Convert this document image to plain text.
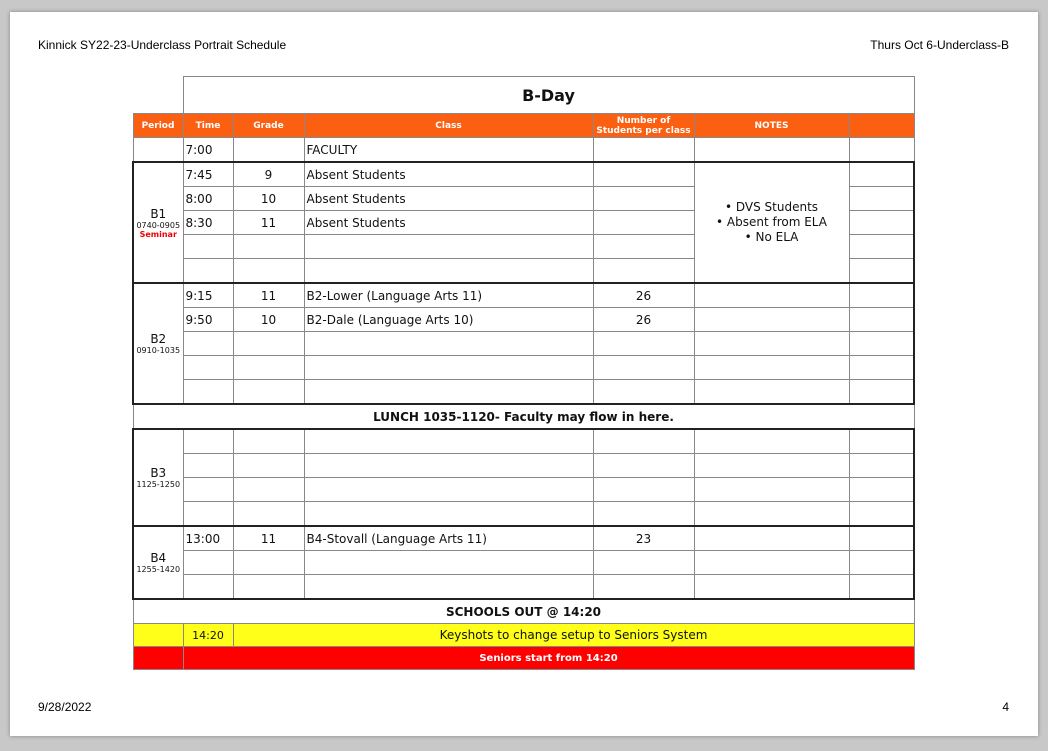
Kinnick SY22-23-Underclass Portrait Schedule	Thurs Oct 6-Underclass-B
	B-Day					
Period	Time	Grade	Class	Number of Students per class	NOTES	
	7:00		FACULTY			

B1
0740-0905
Seminar	7:45	9	Absent Students		• DVS Students
• Absent from ELA
• No ELA	
	8:00	10	Absent Students			
	8:30	11	Absent Students			

B2
0910-1035	9:15	11	B2-Lower (Language Arts 11)	26		
	9:50	10	B2-Dale (Language Arts 10)	26		

LUNCH 1035-1120- Faculty may flow in here.						

B3
1125-1250						

B4
1255-1420	13:00	11	B4-Stovall (Language Arts 11)	23		

SCHOOLS OUT @ 14:20						
	14:20	Keyshots to change setup to Seniors System				
	Seniors start from 14:20					
9/28/2022	4
